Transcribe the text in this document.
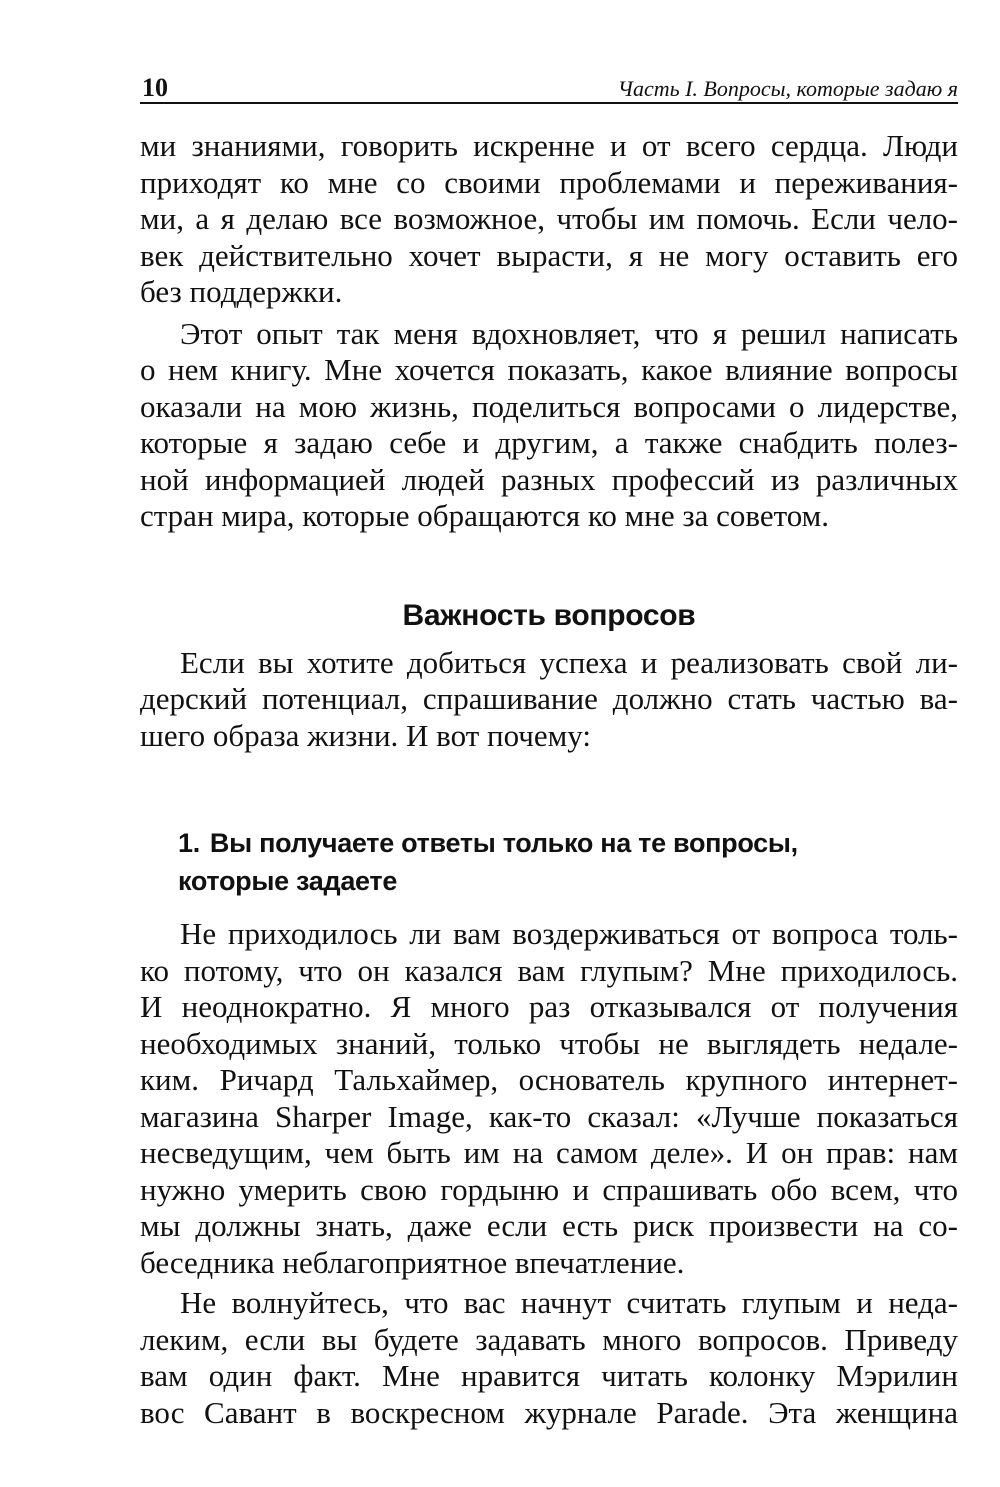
10	Часть I. Вопросы, которые задаю я
ми знаниями, говорить искренне и от всего сердца. Люди
приходят ко мне со своими проблемами и переживания-
ми, а я делаю все возможное, чтобы им помочь. Если чело-
век действительно хочет вырасти, я не могу оставить его
без поддержки.
Этот опыт так меня вдохновляет, что я решил написать
о нем книгу. Мне хочется показать, какое влияние вопросы
оказали на мою жизнь, поделиться вопросами о лидерстве,
которые я задаю себе и другим, а также снабдить полез-
ной информацией людей разных профессий из различных
стран мира, которые обращаются ко мне за советом.
Важность вопросов
Если вы хотите добиться успеха и реализовать свой ли-
дерский потенциал, спрашивание должно стать частью ва-
шего образа жизни. И вот почему:
1. Вы получаете ответы только на те вопросы,
которые задаете
Не приходилось ли вам воздерживаться от вопроса толь-
ко потому, что он казался вам глупым? Мне приходилось.
И неоднократно. Я много раз отказывался от получения
необходимых знаний, только чтобы не выглядеть недале-
ким. Ричард Тальхаймер, основатель крупного интернет-
магазина Sharper Image, как-то сказал: «Лучше показаться
несведущим, чем быть им на самом деле». И он прав: нам
нужно умерить свою гордыню и спрашивать обо всем, что
мы должны знать, даже если есть риск произвести на со-
беседника неблагоприятное впечатление.
Не волнуйтесь, что вас начнут считать глупым и неда-
леким, если вы будете задавать много вопросов. Приведу
вам один факт. Мне нравится читать колонку Мэрилин
вос Савант в воскресном журнале Parade. Эта женщина
